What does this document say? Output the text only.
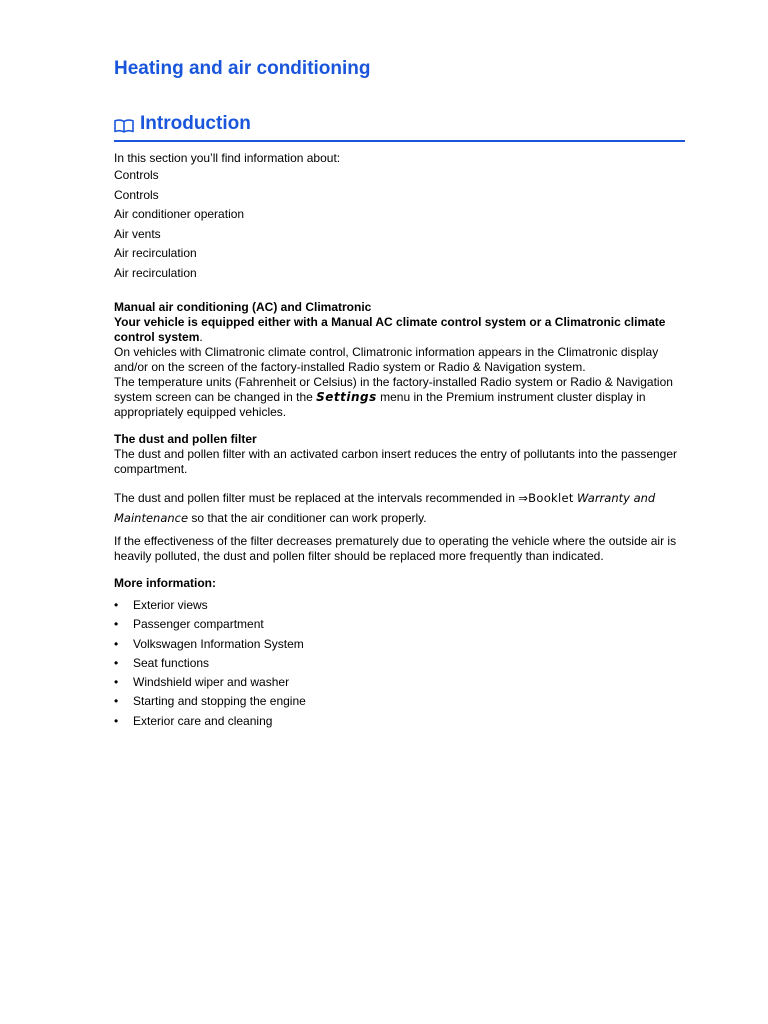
Heating and air conditioning
Introduction

In this section you’ll find information about:

Controls
Controls
Air conditioner operation
Air vents
Air recirculation
Air recirculation

Manual air conditioning (AC) and Climatronic

Your vehicle is equipped either with a Manual AC climate control system or a Climatronic climate control system.

On vehicles with Climatronic climate control, Climatronic information appears in the Climatronic display and/or on the screen of the factory-installed Radio system or Radio & Navigation system.

The temperature units (Fahrenheit or Celsius) in the factory-installed Radio system or Radio & Navigation system screen can be changed in the Settings menu in the Premium instrument cluster display in appropriately equipped vehicles.

The dust and pollen filter

The dust and pollen filter with an activated carbon insert reduces the entry of pollutants into the passenger compartment.

The dust and pollen filter must be replaced at the intervals recommended in ⇒Booklet Warranty and Maintenance so that the air conditioner can work properly.

If the effectiveness of the filter decreases prematurely due to operating the vehicle where the outside air is heavily polluted, the dust and pollen filter should be replaced more frequently than indicated.

More information:

• Exterior views
• Passenger compartment
• Volkswagen Information System
• Seat functions
• Windshield wiper and washer
• Starting and stopping the engine
• Exterior care and cleaning
